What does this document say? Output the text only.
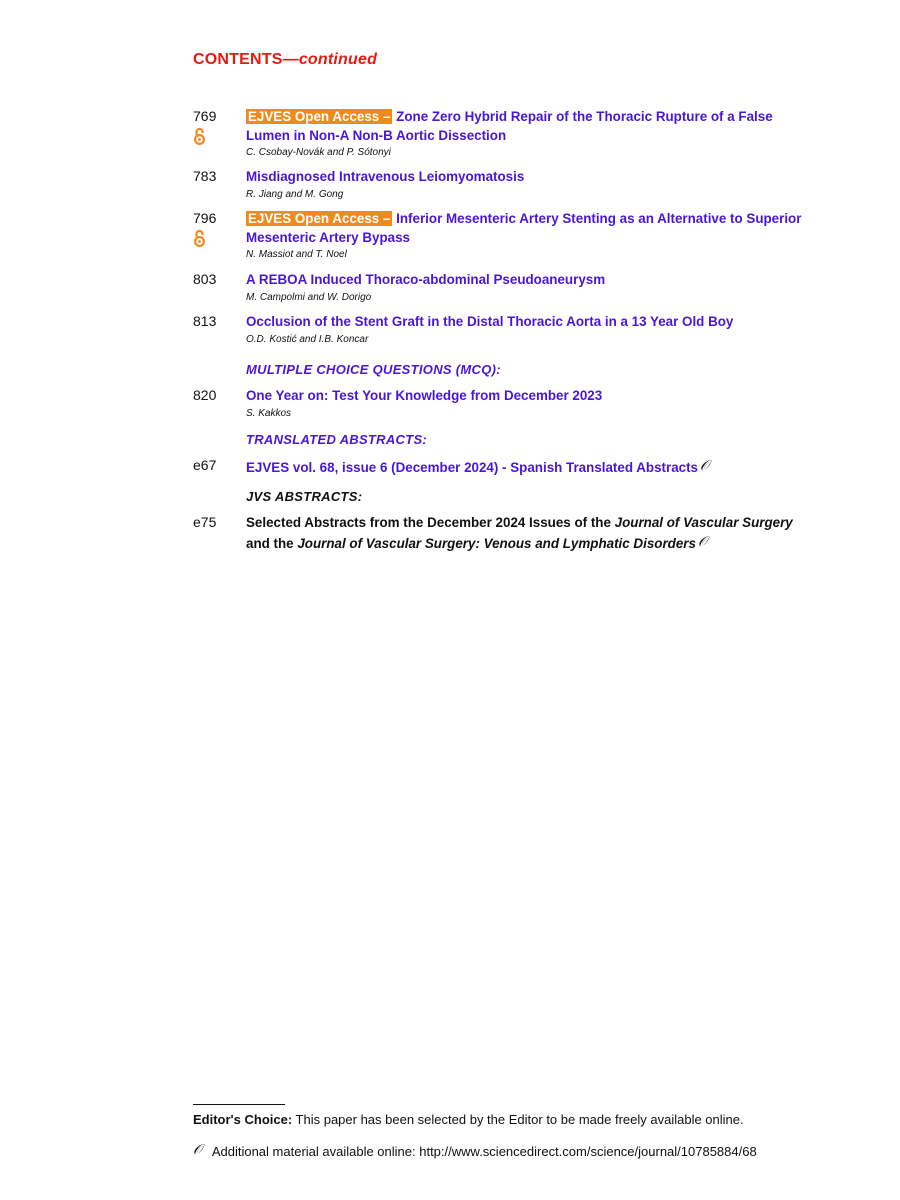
CONTENTS—continued
769 EJVES Open Access – Zone Zero Hybrid Repair of the Thoracic Rupture of a False Lumen in Non-A Non-B Aortic Dissection
C. Csobay-Novák and P. Sótonyi
783 Misdiagnosed Intravenous Leiomyomatosis
R. Jiang and M. Gong
796 EJVES Open Access – Inferior Mesenteric Artery Stenting as an Alternative to Superior Mesenteric Artery Bypass
N. Massiot and T. Noel
803 A REBOA Induced Thoraco-abdominal Pseudoaneurysm
M. Campolmi and W. Dorigo
813 Occlusion of the Stent Graft in the Distal Thoracic Aorta in a 13 Year Old Boy
O.D. Kostić and I.B. Koncar
MULTIPLE CHOICE QUESTIONS (MCQ):
820 One Year on: Test Your Knowledge from December 2023
S. Kakkos
TRANSLATED ABSTRACTS:
e67 EJVES vol. 68, issue 6 (December 2024) - Spanish Translated Abstracts 𝒪
JVS ABSTRACTS:
e75 Selected Abstracts from the December 2024 Issues of the Journal of Vascular Surgery and the Journal of Vascular Surgery: Venous and Lymphatic Disorders 𝒪
Editor's Choice: This paper has been selected by the Editor to be made freely available online.
𝒪 Additional material available online: http://www.sciencedirect.com/science/journal/10785884/68
